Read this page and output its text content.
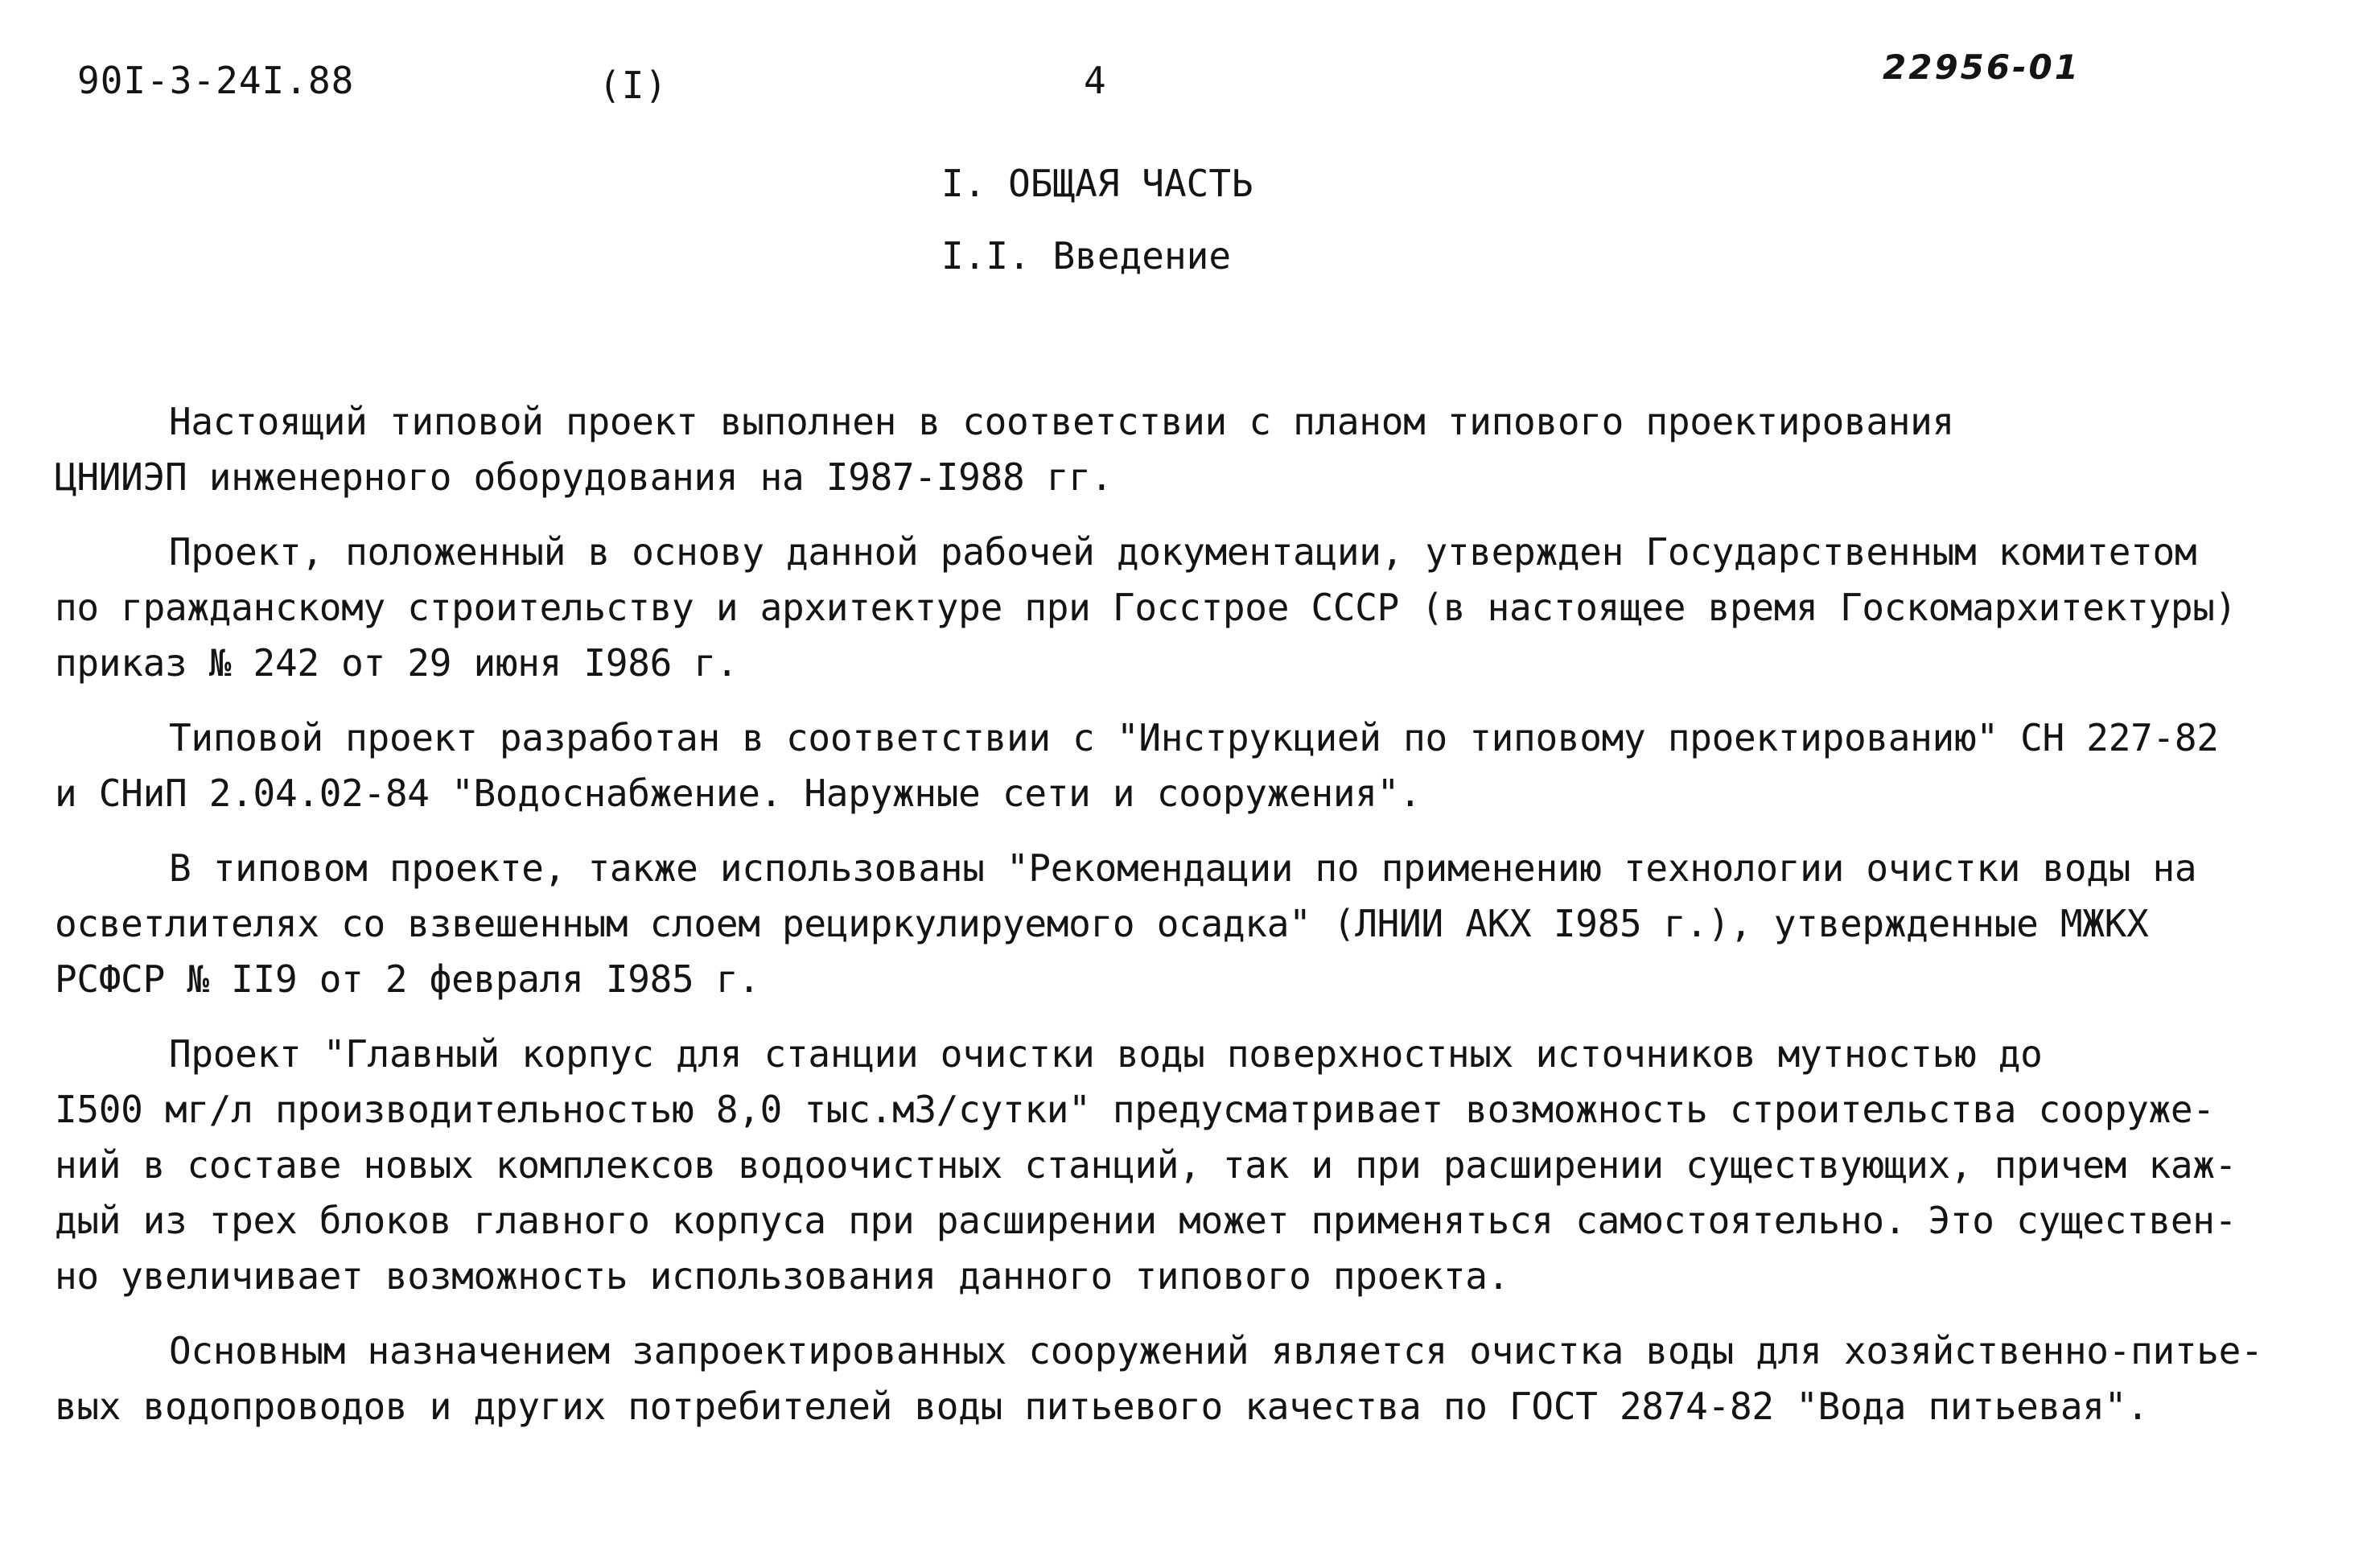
90I-3-24I.88	(I)	4	22956-01
I. ОБЩАЯ ЧАСТЬ
I.I. Введение
Настоящий типовой проект выполнен в соответствии с планом типового проектирования
ЦНИИЭП инженерного оборудования на I987-I988 гг.
Проект, положенный в основу данной рабочей документации, утвержден Государственным комитетом
по гражданскому строительству и архитектуре при Госстрое СССР (в настоящее время Госкомархитектуры)
приказ № 242 от 29 июня I986 г.
Типовой проект разработан в соответствии с "Инструкцией по типовому проектированию" СН 227-82
и СНиП 2.04.02-84 "Водоснабжение. Наружные сети и сооружения".
В типовом проекте, также использованы "Рекомендации по применению технологии очистки воды на
осветлителях со взвешенным слоем рециркулируемого осадка" (ЛНИИ АКХ I985 г.), утвержденные МЖКХ
РСФСР № II9 от 2 февраля I985 г.
Проект "Главный корпус для станции очистки воды поверхностных источников мутностью до
I500 мг/л производительностью 8,0 тыс.м3/сутки" предусматривает возможность строительства сооруже-
ний в составе новых комплексов водоочистных станций, так и при расширении существующих, причем каж-
дый из трех блоков главного корпуса при расширении может применяться самостоятельно. Это существен-
но увеличивает возможность использования данного типового проекта.
Основным назначением запроектированных сооружений является очистка воды для хозяйственно-питье-
вых водопроводов и других потребителей воды питьевого качества по ГОСТ 2874-82 "Вода питьевая".
